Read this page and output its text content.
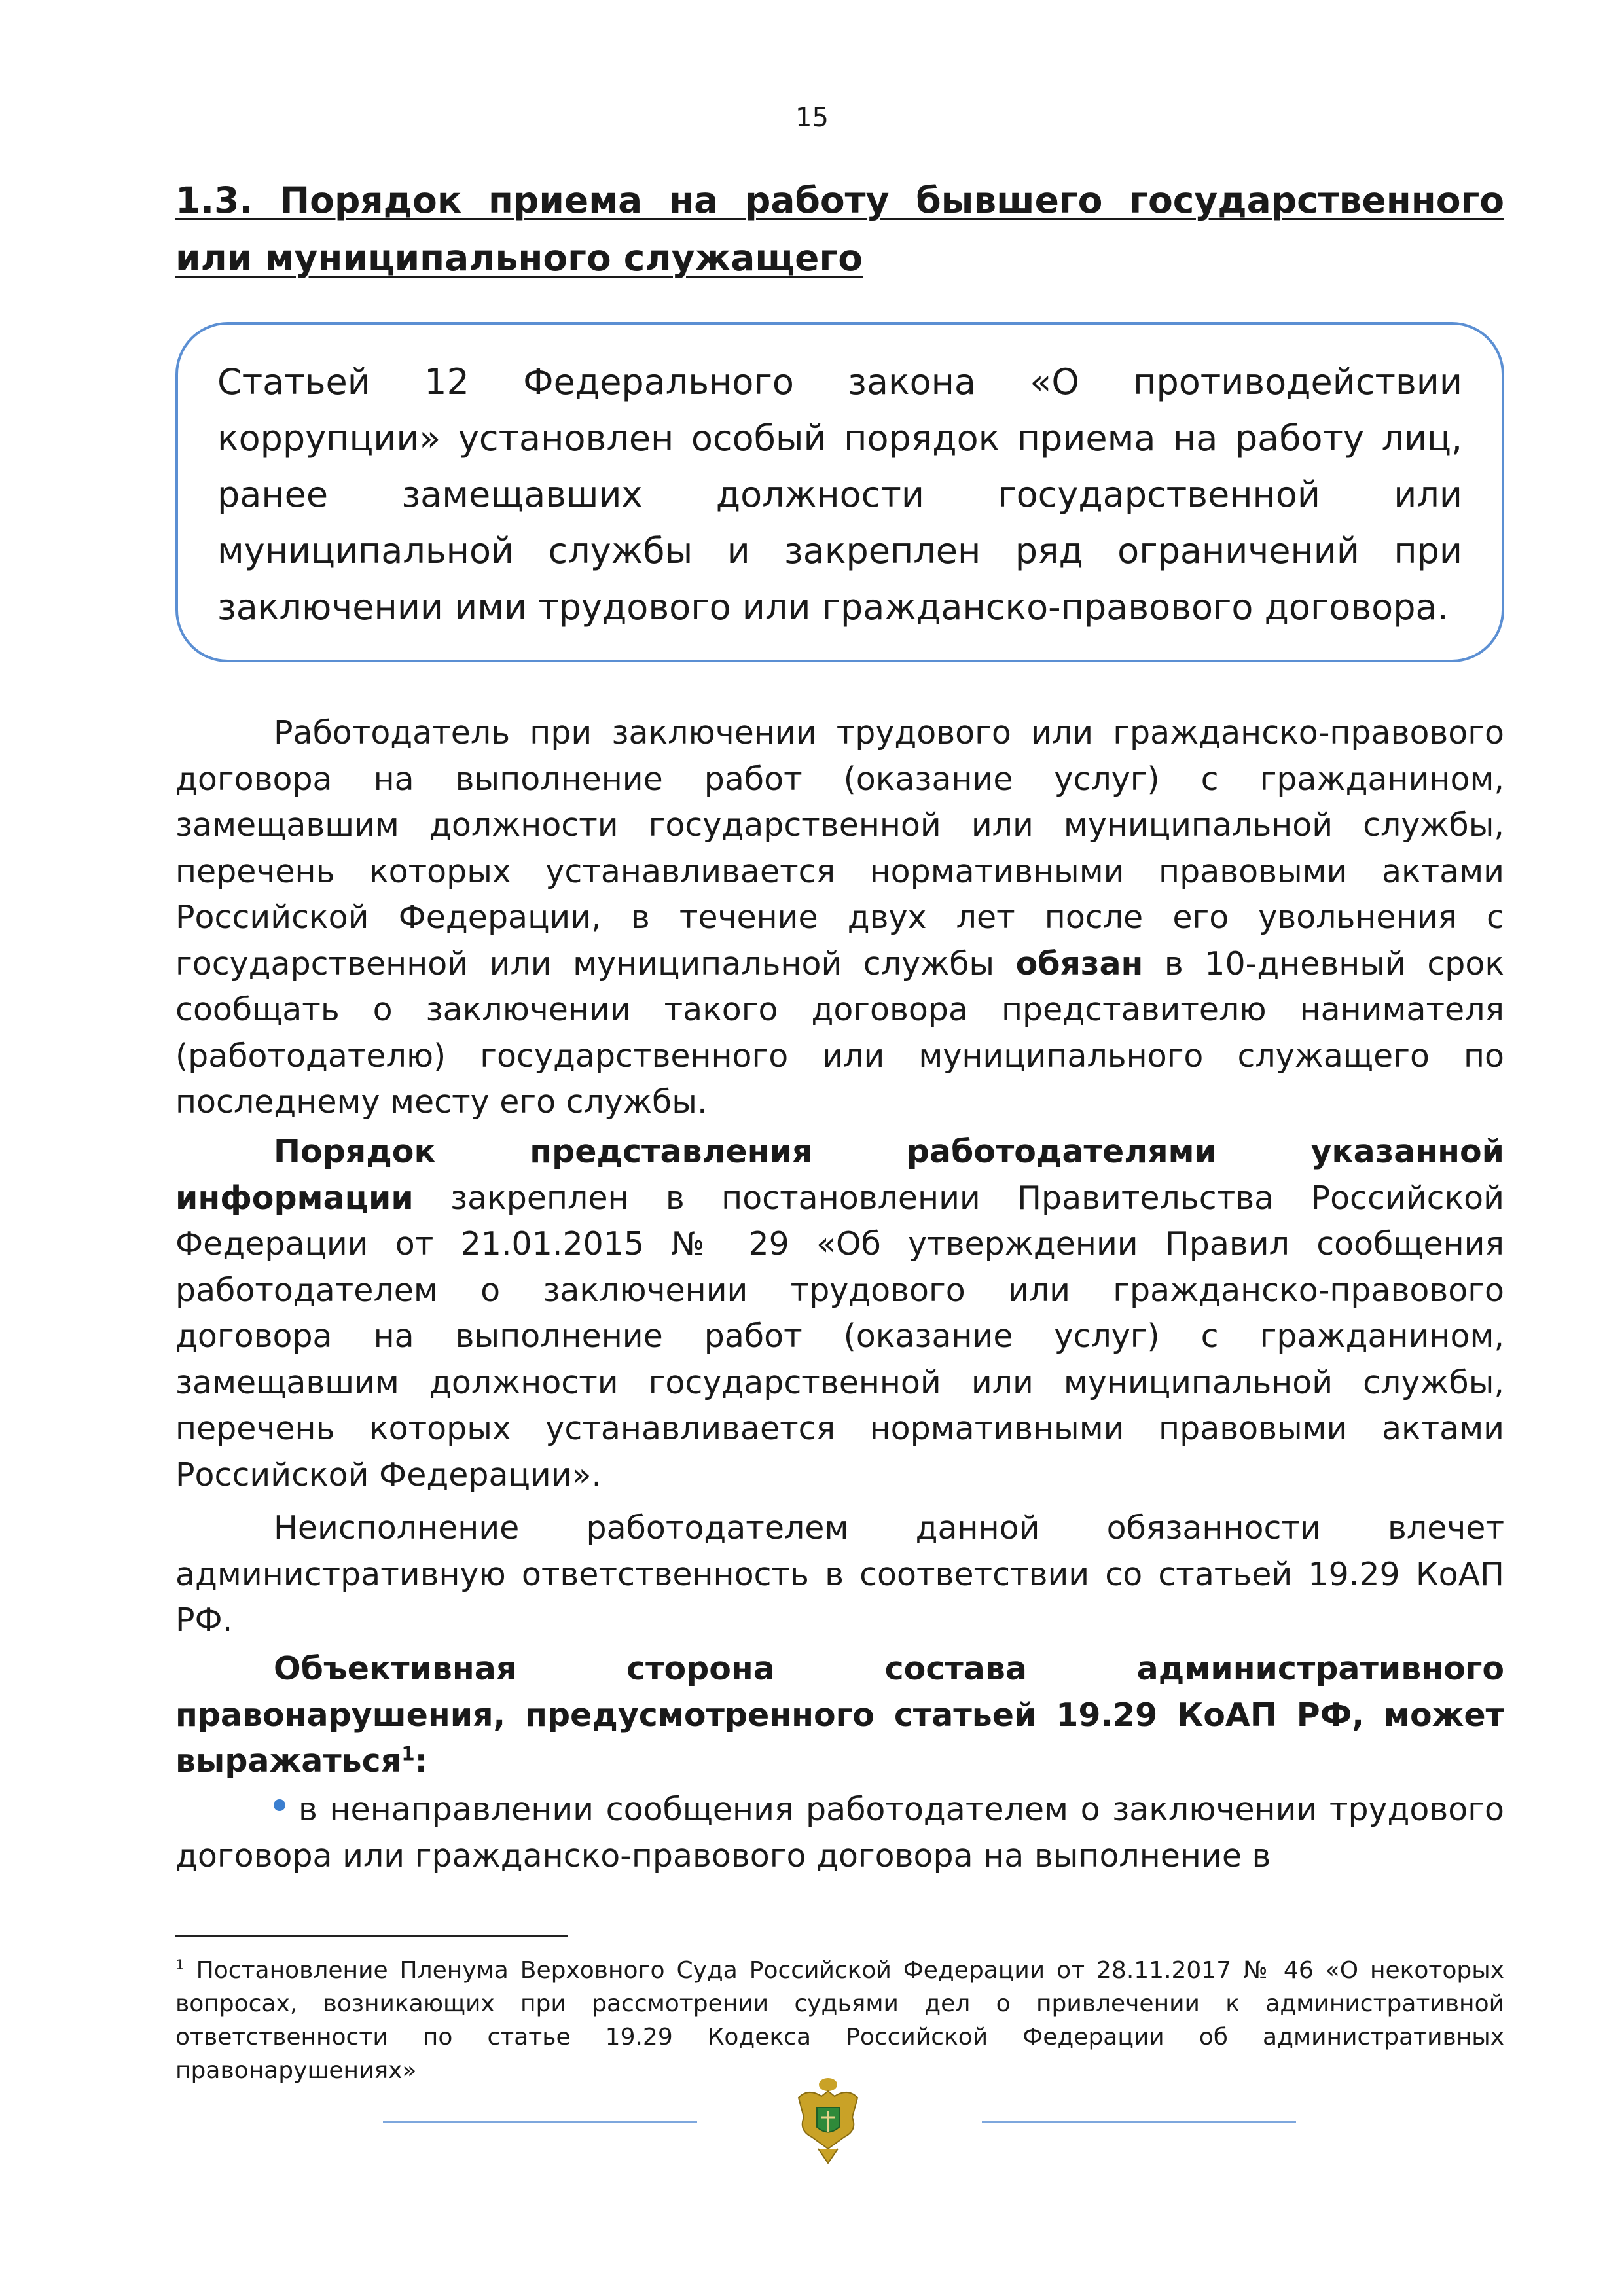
15
1.3. Порядок приема на работу бывшего государственного или муниципального служащего

Статьей 12 Федерального закона «О противодействии коррупции» установлен особый порядок приема на работу лиц, ранее замещавших должности государственной или муниципальной службы и закреплен ряд ограничений при заключении ими трудового или гражданско-правового договора.

Работодатель при заключении трудового или гражданско-правового договора на выполнение работ (оказание услуг) с гражданином, замещавшим должности государственной или муниципальной службы, перечень которых устанавливается нормативными правовыми актами Российской Федерации, в течение двух лет после его увольнения с государственной или муниципальной службы обязан в 10-дневный срок сообщать о заключении такого договора представителю нанимателя (работодателю) государственного или муниципального служащего по последнему месту его службы.

Порядок представления работодателями указанной информации закреплен в постановлении Правительства Российской Федерации от 21.01.2015 № 29 «Об утверждении Правил сообщения работодателем о заключении трудового или гражданско-правового договора на выполнение работ (оказание услуг) с гражданином, замещавшим должности государственной или муниципальной службы, перечень которых устанавливается нормативными правовыми актами Российской Федерации».

Неисполнение работодателем данной обязанности влечет административную ответственность в соответствии со статьей 19.29 КоАП РФ.

Объективная сторона состава административного правонарушения, предусмотренного статьей 19.29 КоАП РФ, может выражаться$^1$:

в ненаправлении сообщения работодателем о заключении трудового договора или гражданско-правового договора на выполнение в

$^1$ Постановление Пленума Верховного Суда Российской Федерации от 28.11.2017 № 46 «О некоторых вопросах, возникающих при рассмотрении судьями дел о привлечении к административной ответственности по статье 19.29 Кодекса Российской Федерации об административных правонарушениях»
